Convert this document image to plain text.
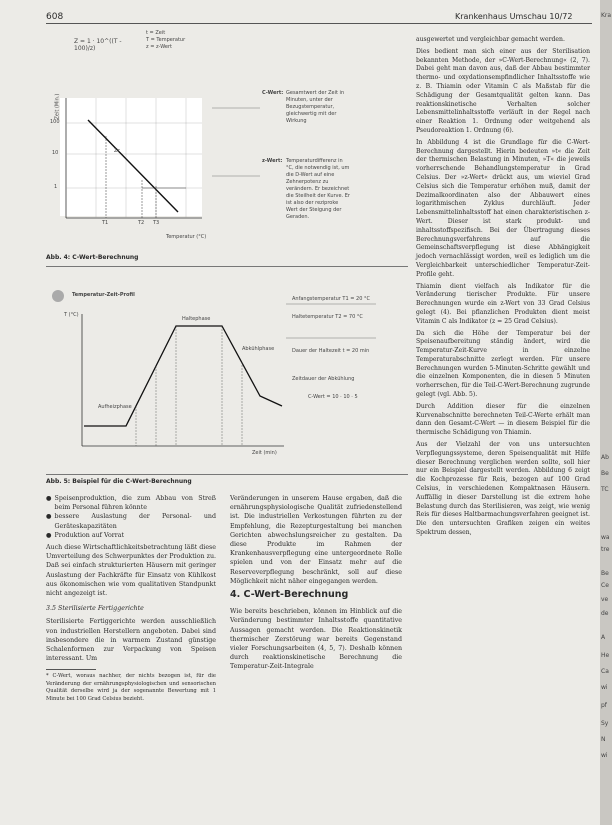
608	Krankenhaus Umschau 10/72
Z = 1 · 10^((T - 100)/z)
t = Zeit
T = Temperatur
z = z-Wert
Zeit (Min.)
100
10
1
Zc
T1	T2 T3
Temperatur (°C)
C-Wert: Gesamtwert der Zeit in Minuten, unter der Bezugstemperatur, gleichwertig mit der Wirkung
z-Wert: Temperaturdifferenz in °C, die notwendig ist, um die D-Wert auf eine Zehnerpotenz zu verändern. Er bezeichnet die Steilheit der Kurve. Er ist also der reziproke Wert der Steigung der Geraden.
Abb. 4: C-Wert-Berechnung
Temperatur-Zeit-Profil
T (°C)
Zeit (min)
Aufheizphase
Haltephase
Abkühlphase
Anfangstemperatur T1 = 20 °C
Haltetemperatur T2 = 70 °C
Dauer der Haltezeit t = 20 min
Zeitdauer der Abkühlung
C-Wert = 10 · 10 · 5
Abb. 5: Beispiel für die C-Wert-Berechnung
● Speisenproduktion, die zum Abbau von Streß beim Personal führen könnte
● bessere Auslastung der Personal- und Geräteskapazitäten
● Produktion auf Vorrat

Auch diese Wirtschaftlichkeitsbetrachtung läßt diese Umverteilung des Schwerpunktes der Produktion zu. Daß sei einfach strukturierten Häusern mit geringer Auslastung der Fachkräfte für Einsatz von Kühlkost aus ökonomischen wie vom qualitativen Standpunkt nicht angezeigt ist.

3.5 Sterilisierte Fertiggerichte

Sterilisierte Fertiggerichte werden ausschließlich von industriellen Herstellern angeboten. Dabei sind insbesondere die in warmem Zustand günstige Schalenformen zur Verpackung von Speisen interessant. Um

* C-Wert, woraus nachher, der nichts bezogen ist, für die Veränderung der ernährungsphysiologischen und sensorischen Qualität derselbe wird ja der sogenannte Bewertung mit 1 Minute bei 100 Grad Celsius bezieht.

Veränderungen in unserem Hause ergaben, daß die ernährungsphysiologische Qualität zufriedenstellend ist. Die industriellen Verkostungen führten zu der Empfehlung, die Rezepturgestaltung bei manchen Gerichten abwechslungsreicher zu gestalten. Da diese Produkte im Rahmen der Krankenhausverpflegung eine untergeordnete Rolle spielen und von der Einsatz mehr auf die Reserveverpflegung beschränkt, soll auf diese Möglichkeit nicht näher eingegangen werden.

4. C-Wert-Berechnung

Wie bereits beschrieben, können im Hinblick auf die Veränderung bestimmter Inhaltsstoffe quantitative Aussagen gemacht werden. Die Reaktionskinetik thermischer Zerstörung war bereits Gegenstand vieler Forschungsarbeiten (4, 5, 7). Deshalb können durch reaktionskinetische Berechnung die Temperatur-Zeit-Integrale

ausgewertet und vergleichbar gemacht werden.

Dies bedient man sich einer aus der Sterilisation bekannten Methode, der »C-Wert-Berechnung« (2, 7). Dabei geht man davon aus, daß der Abbau bestimmter thermo- und oxydationsempfindlicher Inhaltsstoffe wie z. B. Thiamin oder Vitamin C als Maßstab für die Schädigung der Gesamtqualität gelten kann. Das reaktionskinetische Verhalten solcher Lebensmittelinhaltsstoffe verläuft in der Regel nach einer Reaktion 1. Ordnung oder weitgehend als Pseudoreaktion 1. Ordnung (6).

In Abbildung 4 ist die Grundlage für die C-Wert-Berechnung dargestellt. Hierin bedeuten »t« die Zeit der thermischen Belastung in Minuten, »T« die jeweils vorherrschende Behandlungstemperatur in Grad Celsius. Der »z-Wert« drückt aus, um wieviel Grad Celsius sich die Temperatur erhöhen muß, damit der Dezimalkoordinaten also der Abbauwert eines logarithmischen Zyklus durchläuft. Jeder Lebensmittelinhaltsstoff hat einen charakteristischen z-Wert. Dieser ist stark produkt- und inhaltsstoffspezifisch. Bei der Übertragung dieses Berechnungsverfahrens auf die Gemeinschaftsverpflegung ist diese Abhängigkeit jedoch vernachlässigt worden, weil es lediglich um die Vergleichbarkeit unterschiedlicher Temperatur-Zeit-Profile geht.

Thiamin dient vielfach als Indikator für die Veränderung tierischer Produkte. Für unsere Berechnungen wurde ein z-Wert von 33 Grad Celsius gelegt (4). Bei pflanzlichen Produkten dient meist Vitamin C als Indikator (z = 25 Grad Celsius).

Da sich die Höhe der Temperatur bei der Speisenaufbereitung ständig ändert, wird die Temperatur-Zeit-Kurve in einzelne Temperaturabschnitte zerlegt werden. Für unsere Berechnungen wurden 5-Minuten-Schritte gewählt und die einzelnen Komponenten, die in diesen 5 Minuten vorherrschen, für die Teil-C-Wert-Berechnung zugrunde gelegt (vgl. Abb. 5).

Durch Addition dieser für die einzelnen Kurvenabschnitte berechneten Teil-C-Werte erhält man dann den Gesamt-C-Wert — in diesem Beispiel für die thermische Schädigung von Thiamin.

Aus der Vielzahl der von uns untersuchten Verpflegungssysteme, deren Speisenqualität mit Hilfe dieser Berechnung verglichen werden sollte, soll hier nur ein Beispiel dargestellt werden. Abbildung 6 zeigt die Kochprozesse für Reis, bezogen auf 100 Grad Celsius, in verschiedenen Kompaktnasen Häusern. Auffällig in dieser Darstellung ist die extrem hohe Belastung durch das Sterilisieren, was zeigt, wie wenig Reis für dieses Haltbarmachungsverfahren geeignet ist. Die den untersuchten Grafiken zeigen ein weites Spektrum dessen,

Kra
Ab
Be
TC
wa
tre
Be
Ce
ve
de
A
He
Ca
wi
pf
Sy
N
wi
